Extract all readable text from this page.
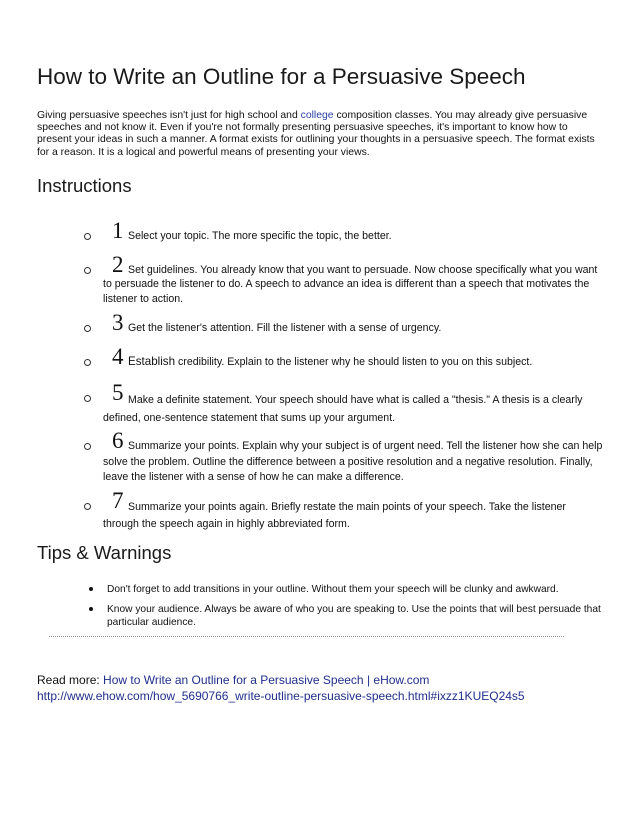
How to Write an Outline for a Persuasive Speech

Giving persuasive speeches isn't just for high school and college composition classes. You may already give persuasive speeches and not know it. Even if you're not formally presenting persuasive speeches, it's important to know how to present your ideas in such a manner. A format exists for outlining your thoughts in a persuasive speech. The format exists for a reason. It is a logical and powerful means of presenting your views.

Instructions
1 Select your topic. The more specific the topic, the better.
2 Set guidelines. You already know that you want to persuade. Now choose specifically what you want to persuade the listener to do. A speech to advance an idea is different than a speech that motivates the listener to action.
3 Get the listener's attention. Fill the listener with a sense of urgency.
4 Establish credibility. Explain to the listener why he should listen to you on this subject.
5 Make a definite statement. Your speech should have what is called a "thesis." A thesis is a clearly defined, one-sentence statement that sums up your argument.
6 Summarize your points. Explain why your subject is of urgent need. Tell the listener how she can help solve the problem. Outline the difference between a positive resolution and a negative resolution. Finally, leave the listener with a sense of how he can make a difference.
7 Summarize your points again. Briefly restate the main points of your speech. Take the listener through the speech again in highly abbreviated form.
Tips & Warnings
Don't forget to add transitions in your outline. Without them your speech will be clunky and awkward.
Know your audience. Always be aware of who you are speaking to. Use the points that will best persuade that particular audience.
Read more: How to Write an Outline for a Persuasive Speech | eHow.com
http://www.ehow.com/how_5690766_write-outline-persuasive-speech.html#ixzz1KUEQ24s5
